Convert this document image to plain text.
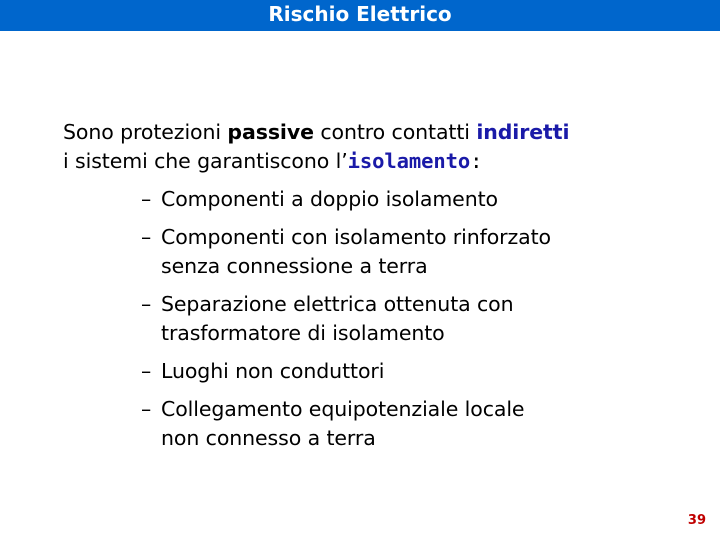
Rischio Elettrico
Sono protezioni passive contro contatti indiretti
i sistemi che garantiscono l’isolamento:
– Componenti a doppio isolamento
– Componenti con isolamento rinforzato
senza connessione a terra
– Separazione elettrica ottenuta con
trasformatore di isolamento
– Luoghi non conduttori
– Collegamento equipotenziale locale
non connesso a terra
39
